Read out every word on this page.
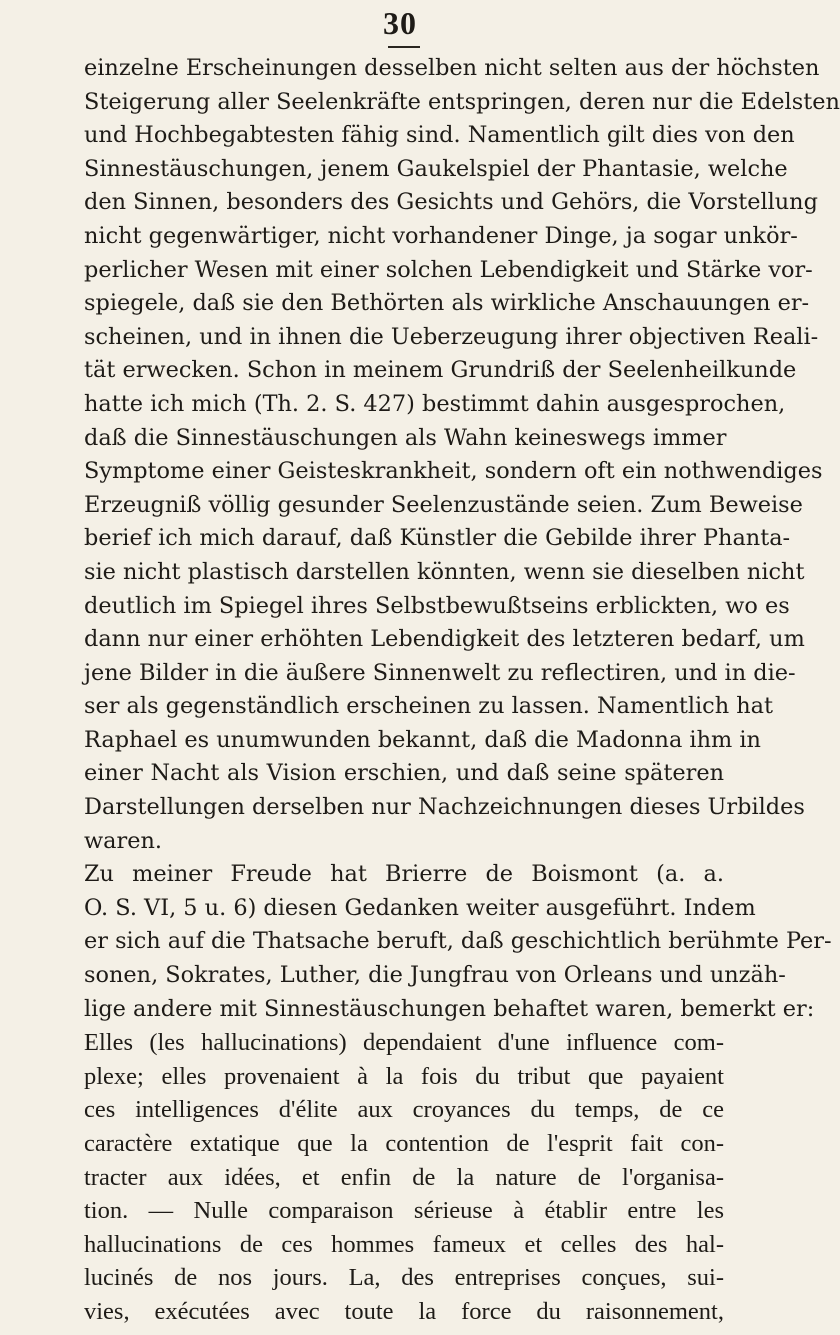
30
einzelne Erscheinungen desselben nicht selten aus der höchsten
Steigerung aller Seelenkräfte entspringen, deren nur die Edelsten
und Hochbegabtesten fähig sind. Namentlich gilt dies von den
Sinnestäuschungen, jenem Gaukelspiel der Phantasie, welche
den Sinnen, besonders des Gesichts und Gehörs, die Vorstellung
nicht gegenwärtiger, nicht vorhandener Dinge, ja sogar unkör-
perlicher Wesen mit einer solchen Lebendigkeit und Stärke vor-
spiegele, daß sie den Bethörten als wirkliche Anschauungen er-
scheinen, und in ihnen die Ueberzeugung ihrer objectiven Reali-
tät erwecken. Schon in meinem Grundriß der Seelenheilkunde
hatte ich mich (Th. 2. S. 427) bestimmt dahin ausgesprochen,
daß die Sinnestäuschungen als Wahn keineswegs immer
Symptome einer Geisteskrankheit, sondern oft ein nothwendiges
Erzeugniß völlig gesunder Seelenzustände seien. Zum Beweise
berief ich mich darauf, daß Künstler die Gebilde ihrer Phanta-
sie nicht plastisch darstellen könnten, wenn sie dieselben nicht
deutlich im Spiegel ihres Selbstbewußtseins erblickten, wo es
dann nur einer erhöhten Lebendigkeit des letzteren bedarf, um
jene Bilder in die äußere Sinnenwelt zu reflectiren, und in die-
ser als gegenständlich erscheinen zu lassen. Namentlich hat
Raphael es unumwunden bekannt, daß die Madonna ihm in
einer Nacht als Vision erschien, und daß seine späteren
Darstellungen derselben nur Nachzeichnungen dieses Urbildes
waren.
Zu meiner Freude hat Brierre de Boismont (a. a.
O. S. VI, 5 u. 6) diesen Gedanken weiter ausgeführt. Indem
er sich auf die Thatsache beruft, daß geschichtlich berühmte Per-
sonen, Sokrates, Luther, die Jungfrau von Orleans und unzäh-
lige andere mit Sinnestäuschungen behaftet waren, bemerkt er:
Elles (les hallucinations) dependaient d'une influence com-
plexe; elles provenaient à la fois du tribut que payaient
ces intelligences d'élite aux croyances du temps, de ce
caractère extatique que la contention de l'esprit fait con-
tracter aux idées, et enfin de la nature de l'organisa-
tion. — Nulle comparaison sérieuse à établir entre les
hallucinations de ces hommes fameux et celles des hal-
lucinés de nos jours. La, des entreprises conçues, sui-
vies, exécutées avec toute la force du raisonnement,
